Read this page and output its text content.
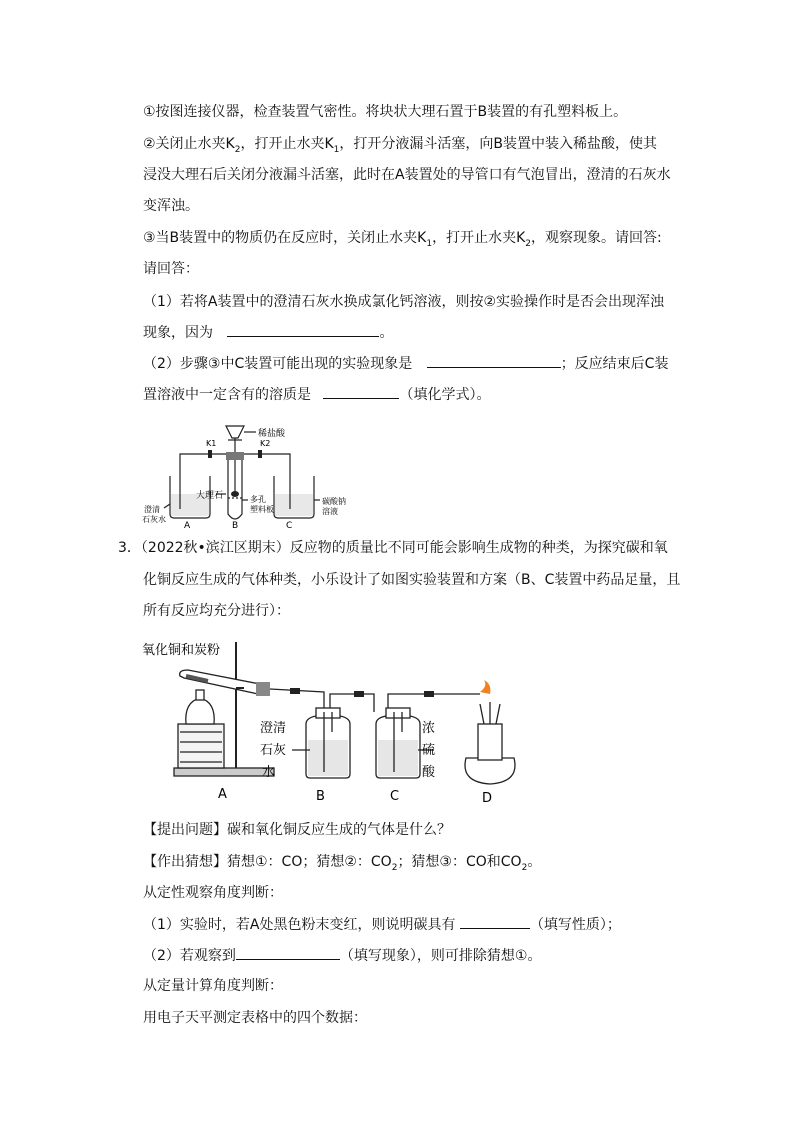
①按图连接仪器，检查装置气密性。将块状大理石置于B装置的有孔塑料板上。
②关闭止水夹$K_2$，打开止水夹$K_1$，打开分液漏斗活塞，向B装置中装入稀盐酸，使其
浸没大理石后关闭分液漏斗活塞，此时在A装置处的导管口有气泡冒出，澄清的石灰水
变浑浊。
③当B装置中的物质仍在反应时，关闭止水夹$K_1$，打开止水夹$K_2$，观察现象。请回答:
请回答：
（1）若将A装置中的澄清石灰水换成氯化钙溶液，则按②实验操作时是否会出现浑浊
现象，因为	。
（2）步骤③中C装置可能出现的实验现象是	；反应结束后C装
置溶液中一定含有的溶质是	（填化学式）。
稀盐酸
K1	K2
大理石	多孔
塑料板
碳酸钠
溶液
澄清
石灰水
A	B	C
3．（2022秋•滨江区期末）反应物的质量比不同可能会影响生成物的种类，为探究碳和氧
化铜反应生成的气体种类，小乐设计了如图实验装置和方案（B、C装置中药品足量，且
所有反应均充分进行）：
氧化铜和炭粉
澄清
石灰
水
浓
硫
酸
A	B	C	D
【提出问题】碳和氧化铜反应生成的气体是什么？
【作出猜想】猜想①：CO；猜想②：$CO_2$；猜想③：CO和$CO_2$。
从定性观察角度判断：
（1）实验时，若A处黑色粉末变红，则说明碳具有	（填写性质）；
（2）若观察到	（填写现象），则可排除猜想①。
从定量计算角度判断：
用电子天平测定表格中的四个数据：
